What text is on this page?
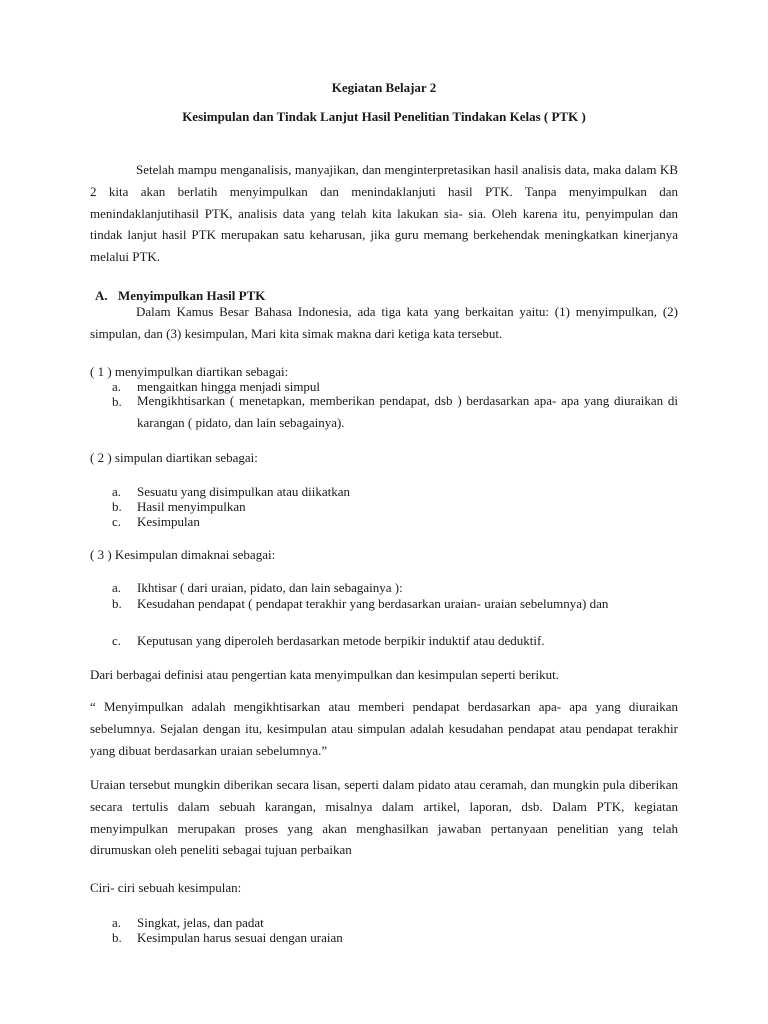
Kegiatan Belajar 2

Kesimpulan dan Tindak Lanjut Hasil Penelitian Tindakan Kelas ( PTK )

Setelah mampu menganalisis, manyajikan, dan menginterpretasikan hasil analisis data, maka dalam KB 2 kita akan berlatih menyimpulkan dan menindaklanjuti hasil PTK. Tanpa menyimpulkan dan menindaklanjutihasil PTK, analisis data yang telah kita lakukan sia- sia. Oleh karena itu, penyimpulan dan tindak lanjut hasil PTK merupakan satu keharusan, jika guru memang berkehendak meningkatkan kinerjanya melalui PTK.

A. Menyimpulkan Hasil PTK

Dalam Kamus Besar Bahasa Indonesia, ada tiga kata yang berkaitan yaitu: (1) menyimpulkan, (2) simpulan, dan (3) kesimpulan, Mari kita simak makna dari ketiga kata tersebut.

( 1 ) menyimpulkan diartikan sebagai:
a. mengaitkan hingga menjadi simpul
b. Mengikhtisarkan ( menetapkan, memberikan pendapat, dsb ) berdasarkan apa- apa yang diuraikan di karangan ( pidato, dan lain sebagainya).

( 2 ) simpulan diartikan sebagai:
a. Sesuatu yang disimpulkan atau diikatkan
b. Hasil menyimpulkan
c. Kesimpulan
( 3 ) Kesimpulan dimaknai sebagai:
a. Ikhtisar ( dari uraian, pidato, dan lain sebagainya ):
b. Kesudahan pendapat ( pendapat terakhir yang berdasarkan uraian- uraian sebelumnya) dan

c. Keputusan yang diperoleh berdasarkan metode berpikir induktif atau deduktif.

Dari berbagai definisi atau pengertian kata menyimpulkan dan kesimpulan seperti berikut.

“ Menyimpulkan adalah mengikhtisarkan atau memberi pendapat berdasarkan apa- apa yang diuraikan sebelumnya. Sejalan dengan itu, kesimpulan atau simpulan adalah kesudahan pendapat atau pendapat terakhir yang dibuat berdasarkan uraian sebelumnya.”

Uraian tersebut mungkin diberikan secara lisan, seperti dalam pidato atau ceramah, dan mungkin pula diberikan secara tertulis dalam sebuah karangan, misalnya dalam artikel, laporan, dsb. Dalam PTK, kegiatan menyimpulkan merupakan proses yang akan menghasilkan jawaban pertanyaan penelitian yang telah dirumuskan oleh peneliti sebagai tujuan perbaikan

Ciri- ciri sebuah kesimpulan:
a. Singkat, jelas, dan padat
b. Kesimpulan harus sesuai dengan uraian
